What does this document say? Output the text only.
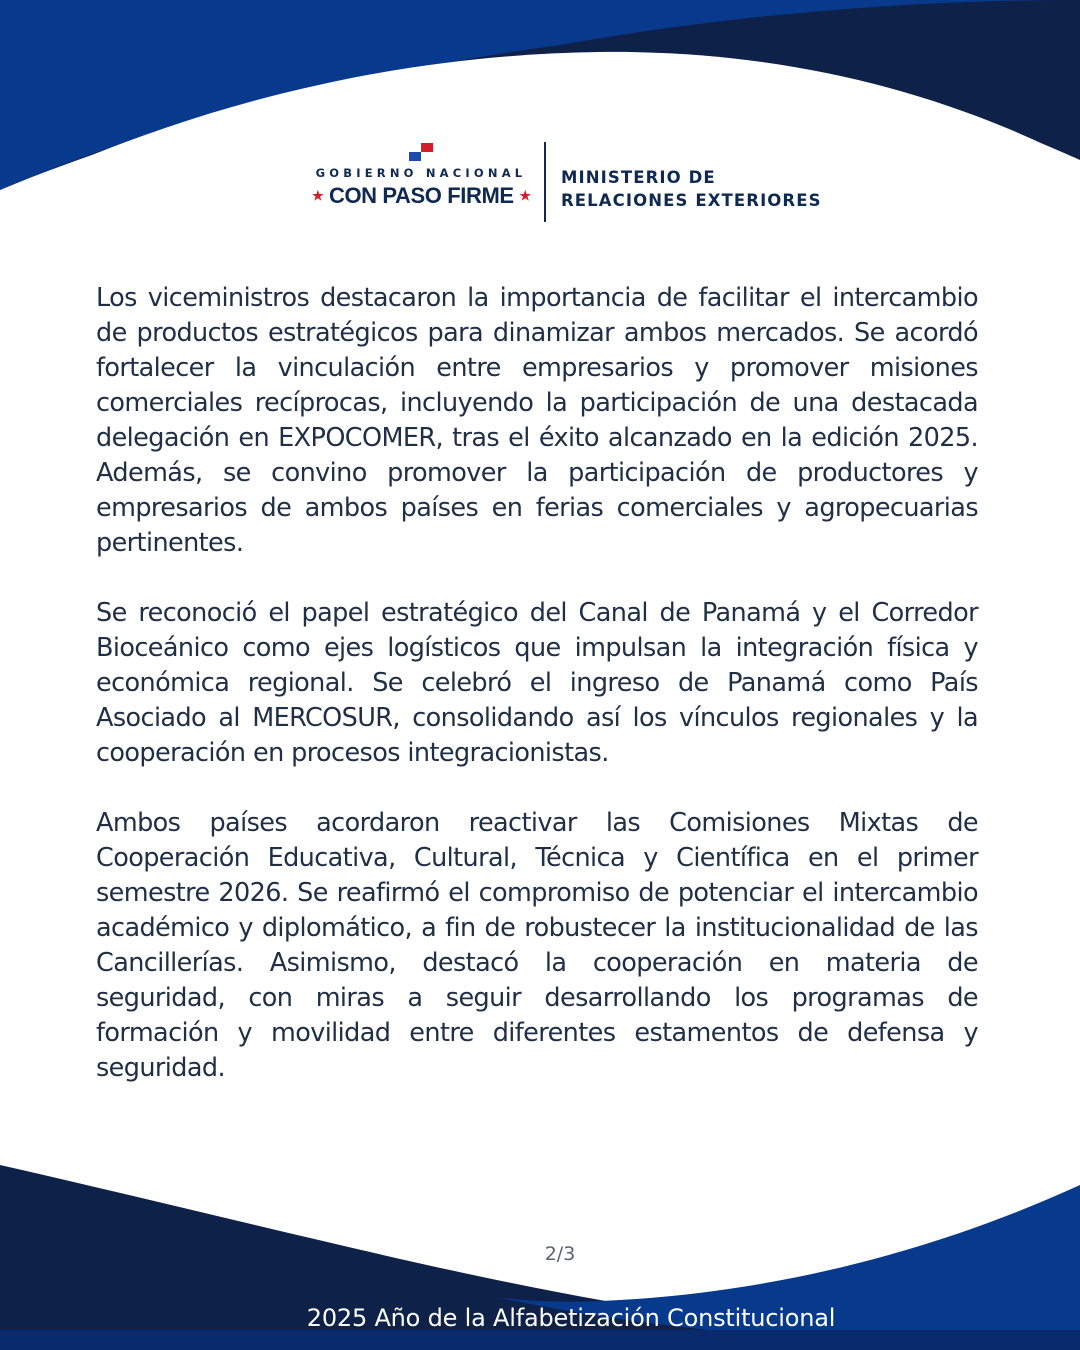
GOBIERNO NACIONAL
★ CON PASO FIRME ★
MINISTERIO DE
RELACIONES EXTERIORES

Los viceministros destacaron la importancia de facilitar el intercambio de productos estratégicos para dinamizar ambos mercados. Se acordó fortalecer la vinculación entre empresarios y promover misiones comerciales recíprocas, incluyendo la participación de una destacada delegación en EXPOCOMER, tras el éxito alcanzado en la edición 2025. Además, se convino promover la participación de productores y empresarios de ambos países en ferias comerciales y agropecuarias pertinentes.

Se reconoció el papel estratégico del Canal de Panamá y el Corredor Bioceánico como ejes logísticos que impulsan la integración física y económica regional. Se celebró el ingreso de Panamá como País Asociado al MERCOSUR, consolidando así los vínculos regionales y la cooperación en procesos integracionistas.

Ambos países acordaron reactivar las Comisiones Mixtas de Cooperación Educativa, Cultural, Técnica y Científica en el primer semestre 2026. Se reafirmó el compromiso de potenciar el intercambio académico y diplomático, a fin de robustecer la institucionalidad de las Cancillerías. Asimismo, destacó la cooperación en materia de seguridad, con miras a seguir desarrollando los programas de formación y movilidad entre diferentes estamentos de defensa y seguridad.

2/3
2025 Año de la Alfabetización Constitucional
